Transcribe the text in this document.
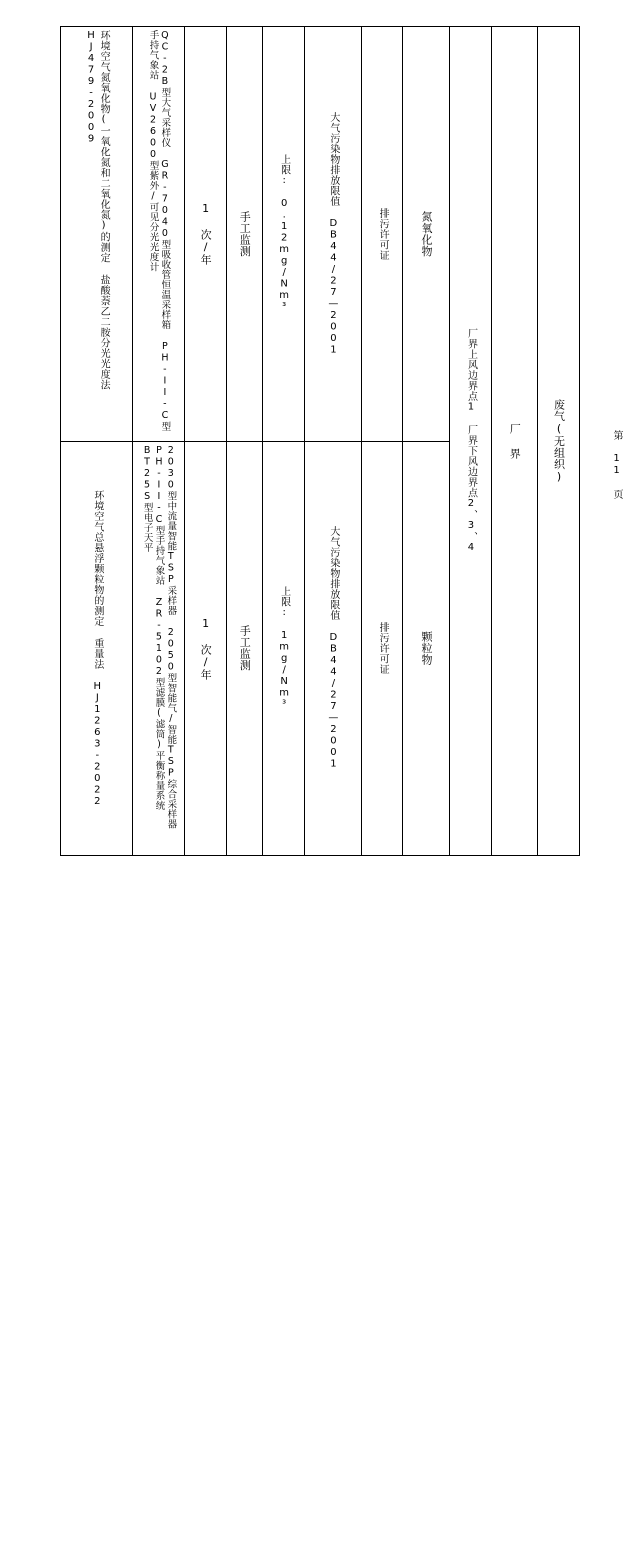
环境空气氮氧化物(一氧化氮和二氧化氮)的测定 盐酸萘乙二胺分光光度法 HJ479-2009	QC-2B型大气采样仪 GR-7040型吸收管恒温采样箱 PH-II-C型手持气象站 UV2600型紫外/可见分光光度计	1 次/年	手工监测	上限: 0.12mg/Nm³	大气污染物排放限值 DB44/27—2001	排污许可证	氮氧化物	厂界上风边界点1 厂界下风边界点2、3、4	厂 界	废气(无组织)

环境空气总悬浮颗粒物的测定 重量法 HJ1263-2022	2030型中流量智能TSP采样器 2050型智能气/智能TSP综合采样器 PH-II-C型手持气象站 ZR-5102型滤膜(滤筒)平衡称量系统 BT25S型电子天平	1 次/年	手工监测	上限: 1mg/Nm³	大气污染物排放限值 DB44/27—2001	排污许可证	颗粒物			
第 11 页
